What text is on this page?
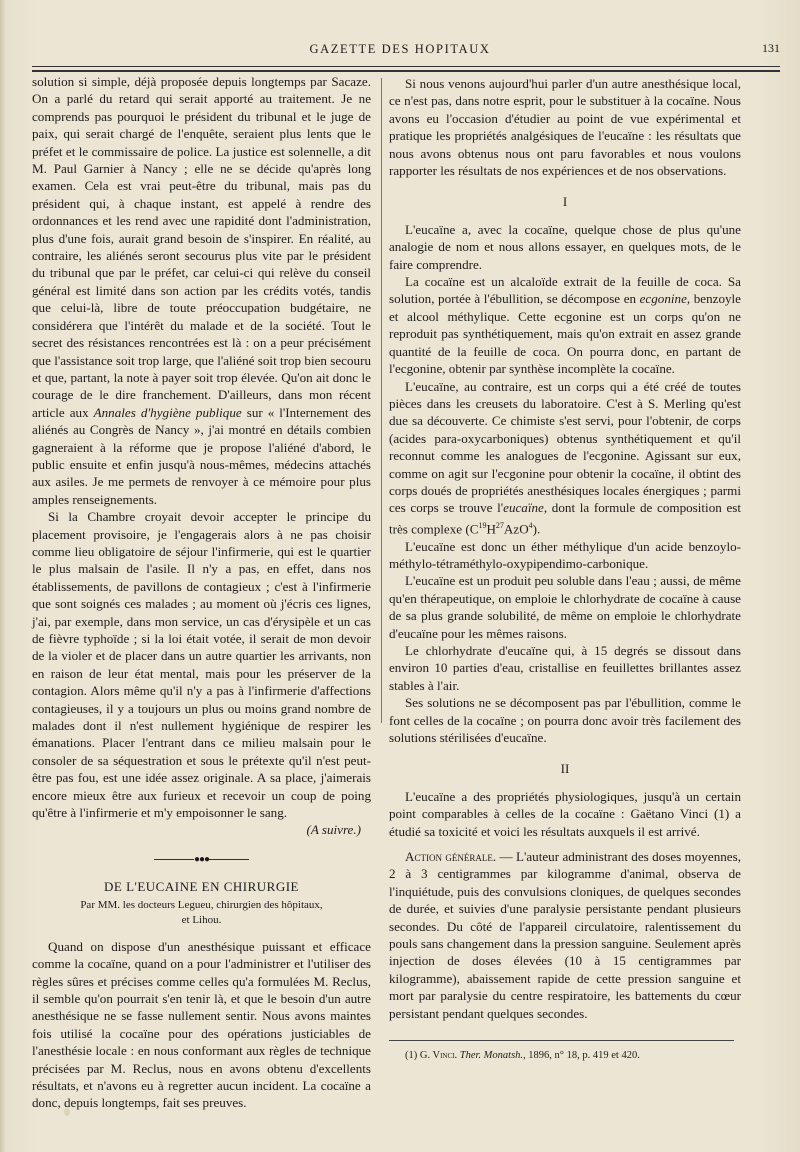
GAZETTE DES HOPITAUX	131

solution si simple, déjà proposée depuis longtemps par Sacaze. On a parlé du retard qui serait apporté au traitement. Je ne comprends pas pourquoi le président du tribunal et le juge de paix, qui serait chargé de l'enquête, seraient plus lents que le préfet et le commissaire de police. La justice est solennelle, a dit M. Paul Garnier à Nancy ; elle ne se décide qu'après long examen. Cela est vrai peut-être du tribunal, mais pas du président qui, à chaque instant, est appelé à rendre des ordonnances et les rend avec une rapidité dont l'administration, plus d'une fois, aurait grand besoin de s'inspirer. En réalité, au contraire, les aliénés seront secourus plus vite par le président du tribunal que par le préfet, car celui-ci qui relève du conseil général est limité dans son action par les crédits votés, tandis que celui-là, libre de toute préoccupation budgétaire, ne considérera que l'intérêt du malade et de la société. Tout le secret des résistances rencontrées est là : on a peur précisément que l'assistance soit trop large, que l'aliéné soit trop bien secouru et que, partant, la note à payer soit trop élevée. Qu'on ait donc le courage de le dire franchement. D'ailleurs, dans mon récent article aux Annales d'hygiène publique sur « l'Internement des aliénés au Congrès de Nancy », j'ai montré en détails combien gagneraient à la réforme que je propose l'aliéné d'abord, le public ensuite et enfin jusqu'à nous-mêmes, médecins attachés aux asiles. Je me permets de renvoyer à ce mémoire pour plus amples renseignements.

Si la Chambre croyait devoir accepter le principe du placement provisoire, je l'engagerais alors à ne pas choisir comme lieu obligatoire de séjour l'infirmerie, qui est le quartier le plus malsain de l'asile. Il n'y a pas, en effet, dans nos établissements, de pavillons de contagieux ; c'est à l'infirmerie que sont soignés ces malades ; au moment où j'écris ces lignes, j'ai, par exemple, dans mon service, un cas d'érysipèle et un cas de fièvre typhoïde ; si la loi était votée, il serait de mon devoir de la violer et de placer dans un autre quartier les arrivants, non en raison de leur état mental, mais pour les préserver de la contagion. Alors même qu'il n'y a pas à l'infirmerie d'affections contagieuses, il y a toujours un plus ou moins grand nombre de malades dont il n'est nullement hygiénique de respirer les émanations. Placer l'entrant dans ce milieu malsain pour le consoler de sa séquestration et sous le prétexte qu'il n'est peut-être pas fou, est une idée assez originale. A sa place, j'aimerais encore mieux être aux furieux et recevoir un coup de poing qu'être à l'infirmerie et m'y empoisonner le sang.

(A suivre.)

●●●
DE L'EUCAINE EN CHIRURGIE
Par MM. les docteurs Legueu, chirurgien des hôpitaux,
et Lihou.

Quand on dispose d'un anesthésique puissant et efficace comme la cocaïne, quand on a pour l'administrer et l'utiliser des règles sûres et précises comme celles qu'a formulées M. Reclus, il semble qu'on pourrait s'en tenir là, et que le besoin d'un autre anesthésique ne se fasse nullement sentir. Nous avons maintes fois utilisé la cocaïne pour des opérations justiciables de l'anesthésie locale : en nous conformant aux règles de technique précisées par M. Reclus, nous en avons obtenu d'excellents résultats, et n'avons eu à regretter aucun incident. La cocaïne a donc, depuis longtemps, fait ses preuves.

Si nous venons aujourd'hui parler d'un autre anesthésique local, ce n'est pas, dans notre esprit, pour le substituer à la cocaïne. Nous avons eu l'occasion d'étudier au point de vue expérimental et pratique les propriétés analgésiques de l'eucaïne : les résultats que nous avons obtenus nous ont paru favorables et nous voulons rapporter les résultats de nos expériences et de nos observations.

I

L'eucaïne a, avec la cocaïne, quelque chose de plus qu'une analogie de nom et nous allons essayer, en quelques mots, de le faire comprendre.

La cocaïne est un alcaloïde extrait de la feuille de coca. Sa solution, portée à l'ébullition, se décompose en ecgonine, benzoyle et alcool méthylique. Cette ecgonine est un corps qu'on ne reproduit pas synthétiquement, mais qu'on extrait en assez grande quantité de la feuille de coca. On pourra donc, en partant de l'ecgonine, obtenir par synthèse incomplète la cocaïne.

L'eucaïne, au contraire, est un corps qui a été créé de toutes pièces dans les creusets du laboratoire. C'est à S. Merling qu'est due sa découverte. Ce chimiste s'est servi, pour l'obtenir, de corps (acides para-oxycarboniques) obtenus synthétiquement et qu'il reconnut comme les analogues de l'ecgonine. Agissant sur eux, comme on agit sur l'ecgonine pour obtenir la cocaïne, il obtint des corps doués de propriétés anesthésiques locales énergiques ; parmi ces corps se trouve l'eucaïne, dont la formule de composition est très complexe $(C^{19}H^{27}AzO^4)$.

L'eucaïne est donc un éther méthylique d'un acide benzoylo-méthylo-tétraméthylo-oxypipendimo-carbonique.

L'eucaïne est un produit peu soluble dans l'eau ; aussi, de même qu'en thérapeutique, on emploie le chlorhydrate de cocaïne à cause de sa plus grande solubilité, de même on emploie le chlorhydrate d'eucaïne pour les mêmes raisons.

Le chlorhydrate d'eucaïne qui, à 15 degrés se dissout dans environ 10 parties d'eau, cristallise en feuillettes brillantes assez stables à l'air.

Ses solutions ne se décomposent pas par l'ébullition, comme le font celles de la cocaïne ; on pourra donc avoir très facilement des solutions stérilisées d'eucaïne.

II

L'eucaïne a des propriétés physiologiques, jusqu'à un certain point comparables à celles de la cocaïne : Gaëtano Vinci (1) a étudié sa toxicité et voici les résultats auxquels il est arrivé.

Action générale. — L'auteur administrant des doses moyennes, 2 à 3 centigrammes par kilogramme d'animal, observa de l'inquiétude, puis des convulsions cloniques, de quelques secondes de durée, et suivies d'une paralysie persistante pendant plusieurs secondes. Du côté de l'appareil circulatoire, ralentissement du pouls sans changement dans la pression sanguine. Seulement après injection de doses élevées (10 à 15 centigrammes par kilogramme), abaissement rapide de cette pression sanguine et mort par paralysie du centre respiratoire, les battements du cœur persistant pendant quelques secondes.

(1) G. Vinci. Ther. Monatsh., 1896, n° 18, p. 419 et 420.
